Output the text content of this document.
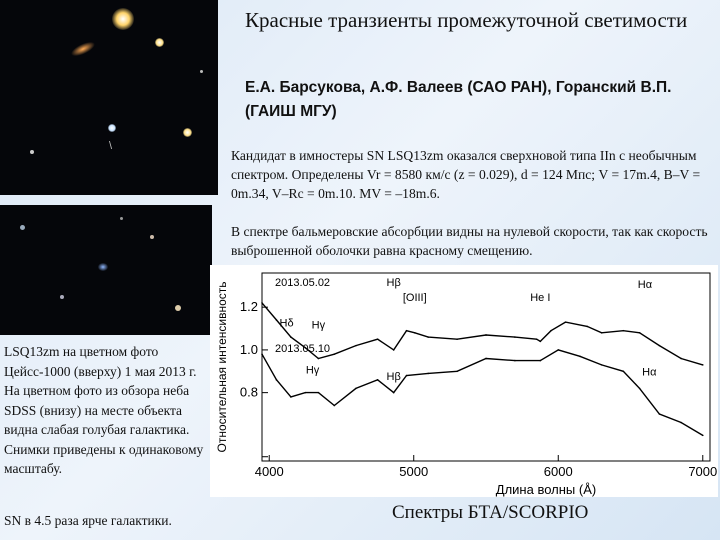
\
Красные транзиенты промежуточной светимости
Е.А. Барсукова, А.Ф. Валеев (САО РАН), Горанский В.П. (ГАИШ МГУ)
Кандидат в имностеры SN LSQ13zm оказался сверхновой типа IIn с необычным спектром. Определены Vr = 8580 км/с (z = 0.029), d = 124 Мпс; V = 17m.4, B–V = 0m.34, V–Rc = 0m.10. MV = –18m.6.
В спектре бальмеровские абсорбции видны на нулевой скорости, так как скорость выброшенной оболочки равна красному смещению.
LSQ13zm на цветном фото Цейсс-1000 (вверху) 1 мая 2013 г. На цветном фото из обзора неба SDSS (внизу) на месте объекта видна слабая голубая галактика. Снимки приведены к одинаковому масштабу.
SN в 4.5 раза ярче галактики.
4000	5000	6000	7000
0.8
1.0
1.2
Длина волны (Å)
Относительная интенсивность	2013.05.02
2013.05.10
Hβ
[OIII]	He I
Hα
Hδ Hγ
Hγ
Hβ	Hα
Спектры БТА/SCORPIO
